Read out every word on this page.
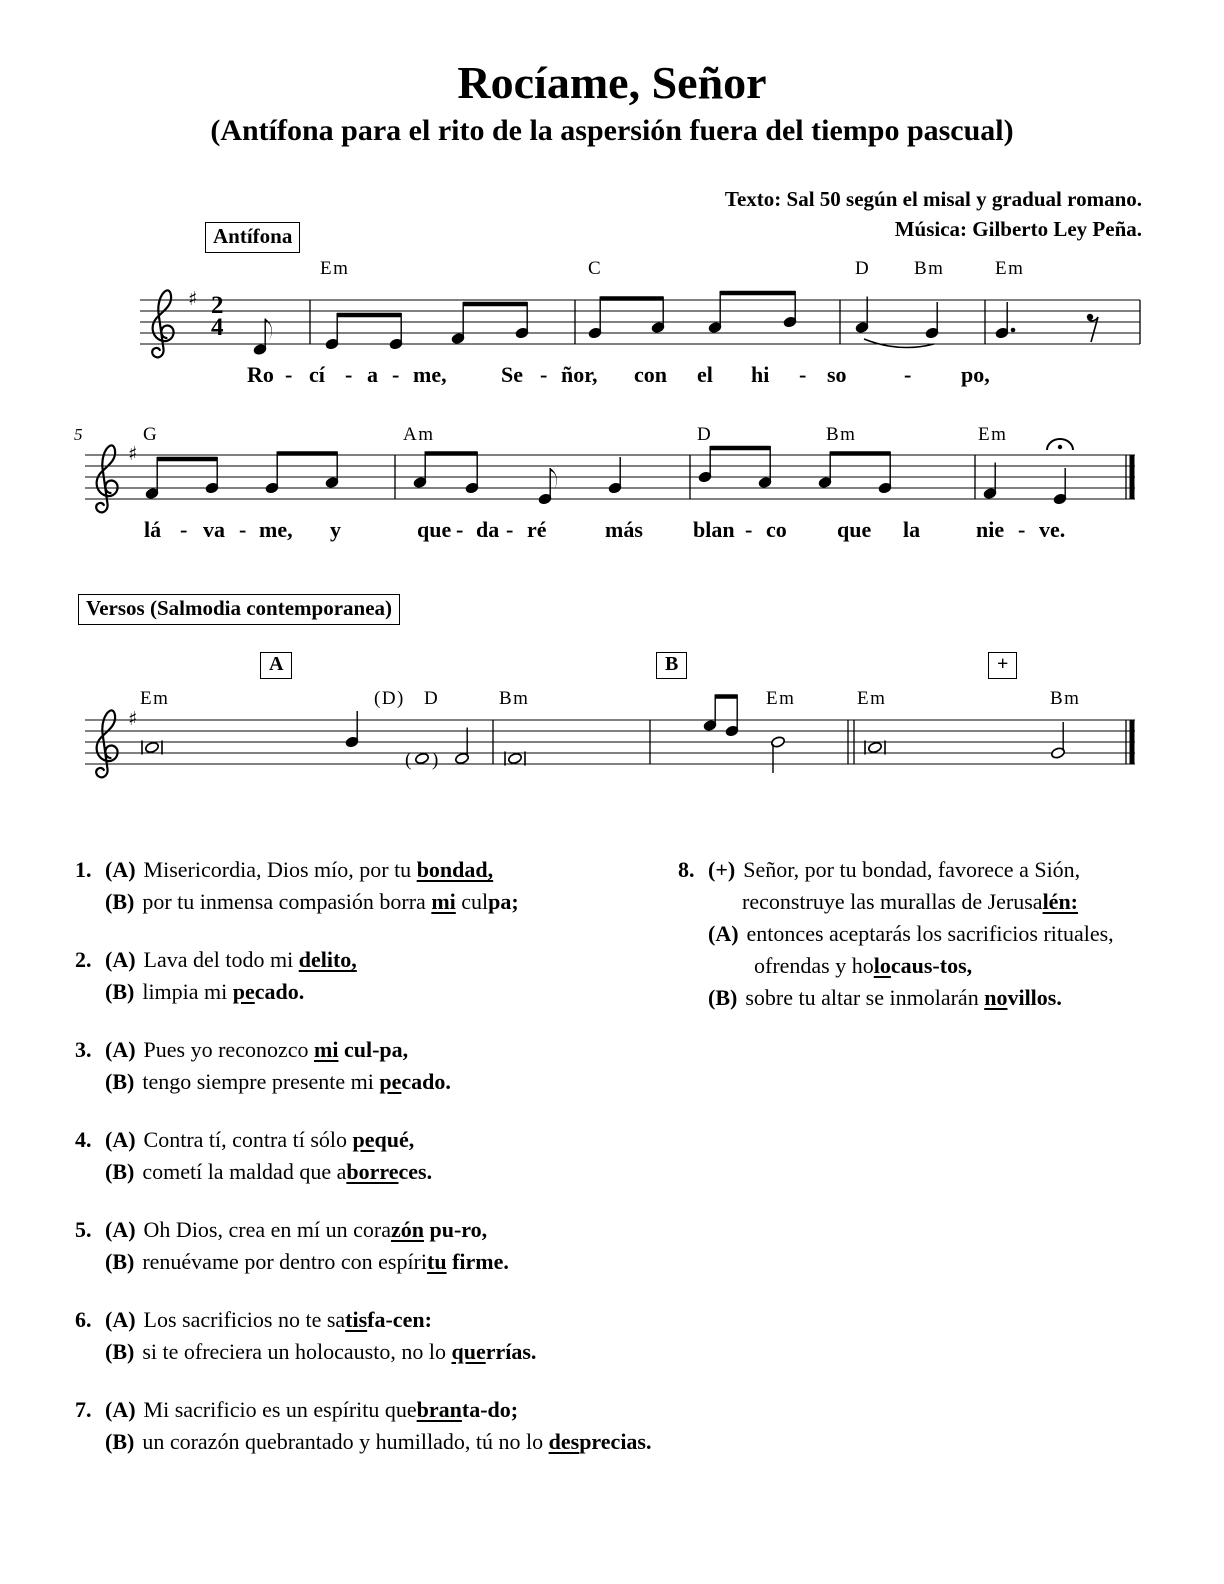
( )
Rocíame, Señor
(Antífona para el rito de la aspersión fuera del tiempo pascual)
Texto: Sal 50 según el misal y gradual romano.
Música: Gilberto Ley Peña.
Antífona
Versos (Salmodia contemporanea)
Em	C	D Bm	Em
Ro - cí - a - me, Se - ñor, con el hi - so	- po,
♯ 2
4
G	Am	D	Bm	Em
lá - va - me, y	que - da - ré	más blan - co que la	nie - ve.
♯
5
Em	(D) D	Bm	Em	Em	Bm
♯
A	B	+
1. (A) Misericordia, Dios mío, por tu bondad,
(B) por tu inmensa compasión borra mi culpa;
2. (A) Lava del todo mi delito,
(B) limpia mi pecado.
3. (A) Pues yo reconozco mi cul-pa,
(B) tengo siempre presente mi pecado.
4. (A) Contra tí, contra tí sólo pequé,
(B) cometí la maldad que aborreces.
5. (A) Oh Dios, crea en mí un corazón pu-ro,
(B) renuévame por dentro con espíritu firme.
6. (A) Los sacrificios no te satisfa-cen:
(B) si te ofreciera un holocausto, no lo querrías.
7. (A) Mi sacrificio es un espíritu quebranta-do;
(B) un corazón quebrantado y humillado, tú no lo desprecias.
8. (+) Señor, por tu bondad, favorece a Sión,
reconstruye las murallas de Jerusalén:
(A) entonces aceptarás los sacrificios rituales,
ofrendas y holocaus-tos,
(B) sobre tu altar se inmolarán novillos.
